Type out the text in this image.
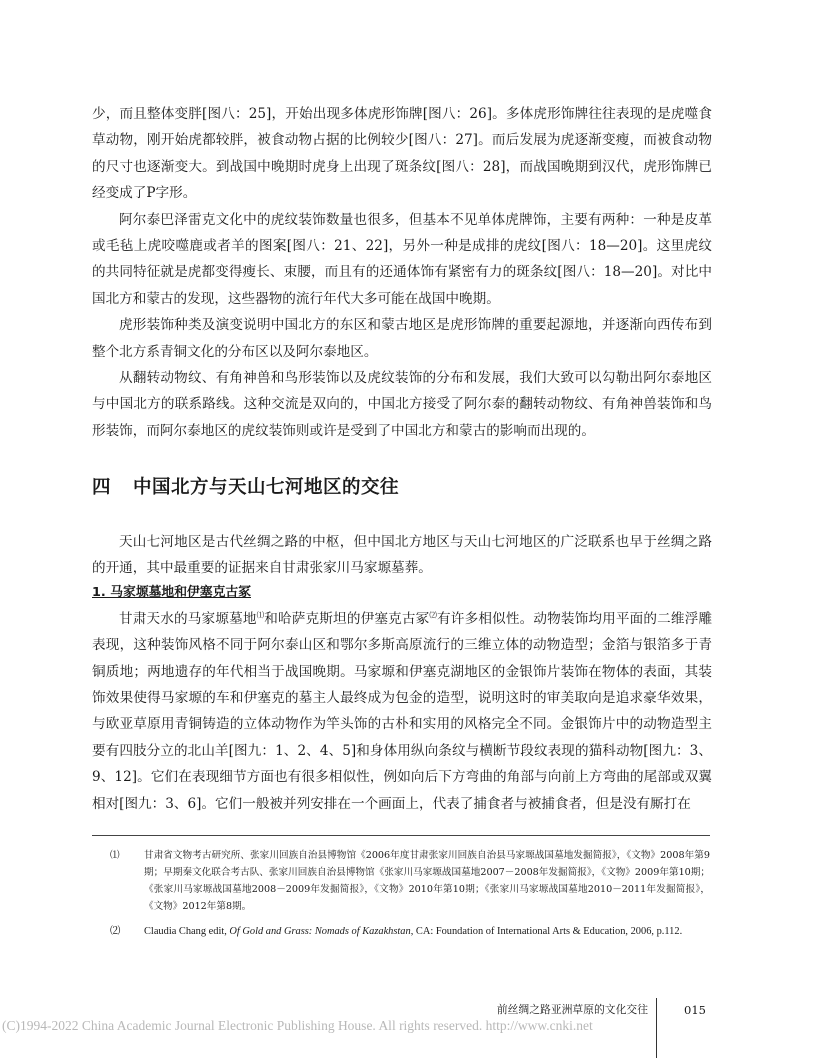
少，而且整体变胖[图八：25]，开始出现多体虎形饰牌[图八：26]。多体虎形饰牌往往表现的是虎噬食草动物，刚开始虎都较胖，被食动物占据的比例较少[图八：27]。而后发展为虎逐渐变瘦，而被食动物的尺寸也逐渐变大。到战国中晚期时虎身上出现了斑条纹[图八：28]，而战国晚期到汉代，虎形饰牌已经变成了P字形。

阿尔泰巴泽雷克文化中的虎纹装饰数量也很多，但基本不见单体虎牌饰，主要有两种：一种是皮革或毛毡上虎咬噬鹿或者羊的图案[图八：21、22]，另外一种是成排的虎纹[图八：18—20]。这里虎纹的共同特征就是虎都变得瘦长、束腰，而且有的还通体饰有紧密有力的斑条纹[图八：18—20]。对比中国北方和蒙古的发现，这些器物的流行年代大多可能在战国中晚期。

虎形装饰种类及演变说明中国北方的东区和蒙古地区是虎形饰牌的重要起源地，并逐渐向西传布到整个北方系青铜文化的分布区以及阿尔泰地区。

从翻转动物纹、有角神兽和鸟形装饰以及虎纹装饰的分布和发展，我们大致可以勾勒出阿尔泰地区与中国北方的联系路线。这种交流是双向的，中国北方接受了阿尔泰的翻转动物纹、有角神兽装饰和鸟形装饰，而阿尔泰地区的虎纹装饰则或许是受到了中国北方和蒙古的影响而出现的。

四 中国北方与天山七河地区的交往

天山七河地区是古代丝绸之路的中枢，但中国北方地区与天山七河地区的广泛联系也早于丝绸之路的开通，其中最重要的证据来自甘肃张家川马家塬墓葬。

1. 马家塬墓地和伊塞克古冢

甘肃天水的马家塬墓地⑴和哈萨克斯坦的伊塞克古冢⑵有许多相似性。动物装饰均用平面的二维浮雕表现，这种装饰风格不同于阿尔泰山区和鄂尔多斯高原流行的三维立体的动物造型；金箔与银箔多于青铜质地；两地遗存的年代相当于战国晚期。马家塬和伊塞克湖地区的金银饰片装饰在物体的表面，其装饰效果使得马家塬的车和伊塞克的墓主人最终成为包金的造型，说明这时的审美取向是追求豪华效果，与欧亚草原用青铜铸造的立体动物作为竿头饰的古朴和实用的风格完全不同。金银饰片中的动物造型主要有四肢分立的北山羊[图九：1、2、4、5]和身体用纵向条纹与横断节段纹表现的猫科动物[图九：3、9、12]。它们在表现细节方面也有很多相似性，例如向后下方弯曲的角部与向前上方弯曲的尾部或双翼相对[图九：3、6]。它们一般被并列安排在一个画面上，代表了捕食者与被捕食者，但是没有厮打在

⑴	甘肃省文物考古研究所、张家川回族自治县博物馆《2006年度甘肃张家川回族自治县马家塬战国墓地发掘简报》，《文物》2008年第9期；早期秦文化联合考古队、张家川回族自治县博物馆《张家川马家塬战国墓地2007－2008年发掘简报》，《文物》2009年第10期；《张家川马家塬战国墓地2008－2009年发掘简报》，《文物》2010年第10期；《张家川马家塬战国墓地2010－2011年发掘简报》，《文物》2012年第8期。

⑵ Claudia Chang edit, Of Gold and Grass: Nomads of Kazakhstan, CA: Foundation of International Arts & Education, 2006, p.112.

前丝绸之路亚洲草原的文化交往	015
(C)1994-2022 China Academic Journal Electronic Publishing House. All rights reserved. http://www.cnki.net
